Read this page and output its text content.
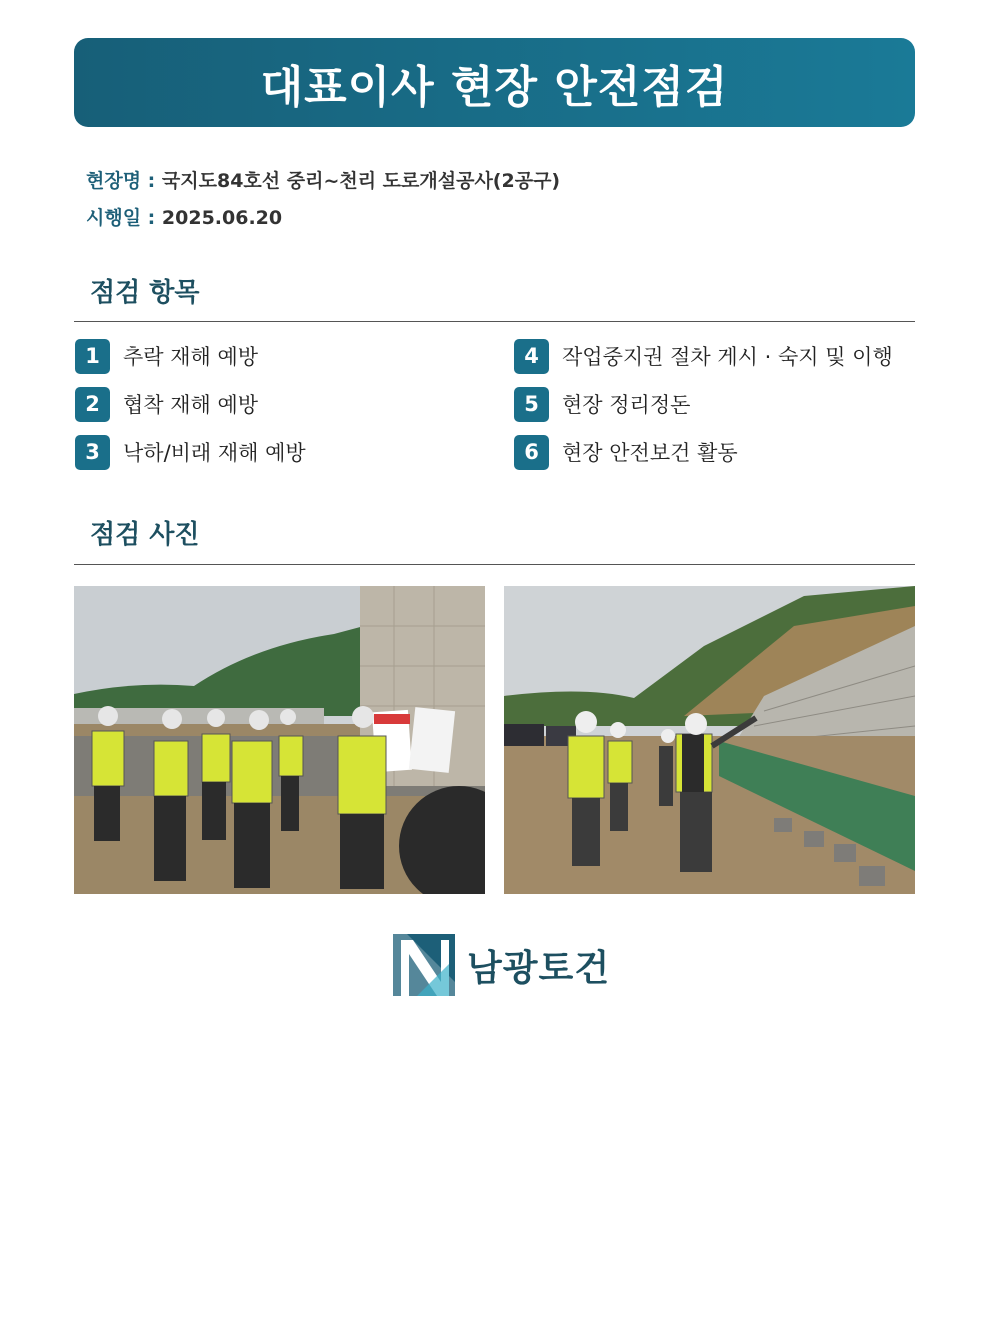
대표이사 현장 안전점검
현장명 : 국지도84호선 중리~천리 도로개설공사(2공구)
시행일 : 2025.06.20
점검 항목
1	추락 재해 예방
2	협착 재해 예방
3	낙하/비래 재해 예방
4	작업중지권 절차 게시 · 숙지 및 이행
5	현장 정리정돈
6	현장 안전보건 활동
점검 사진
남광토건
